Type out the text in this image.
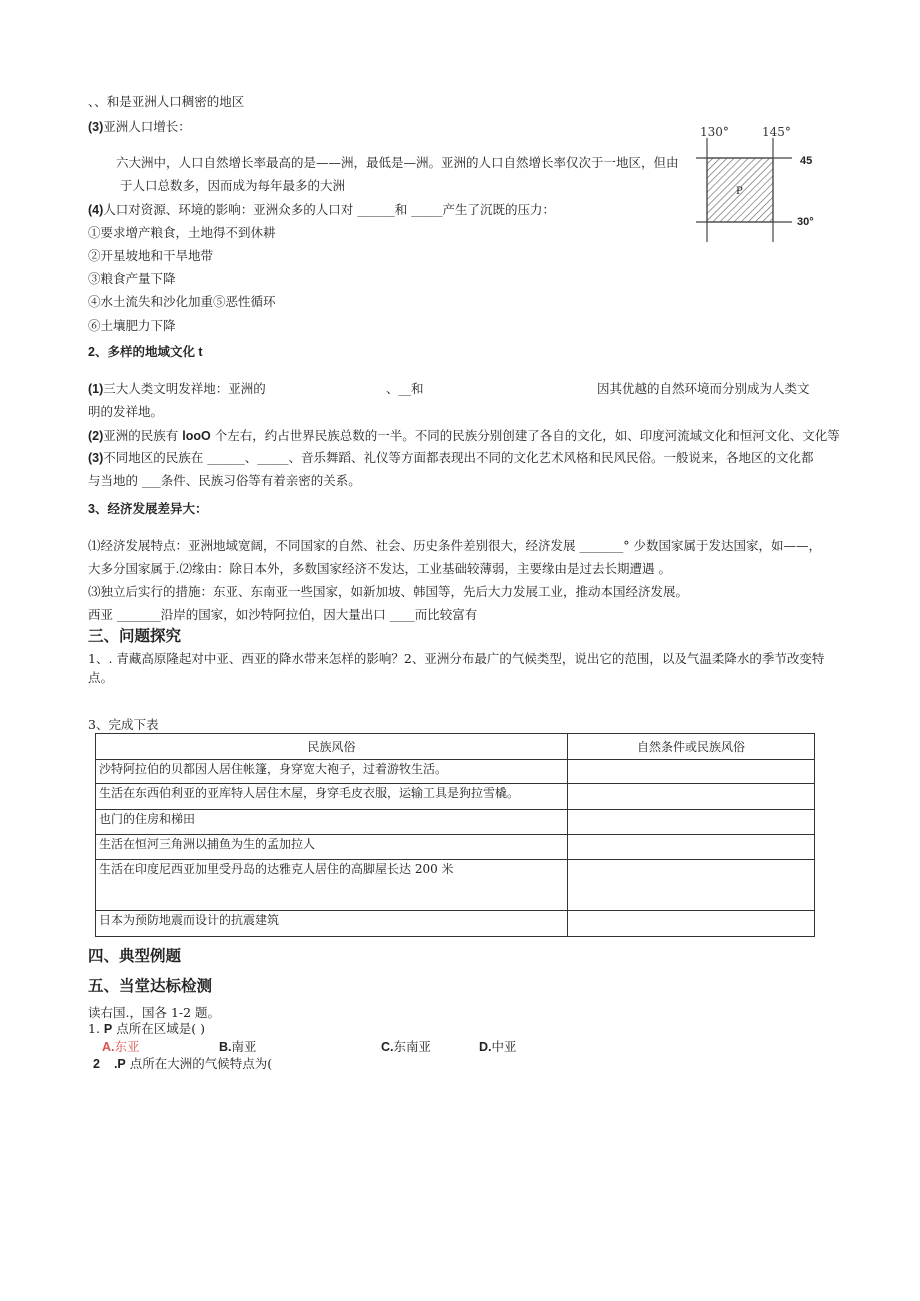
、、和是亚洲人口稠密的地区
(3)亚洲人口增长：
六大洲中，人口自然增长率最高的是——洲，最低是—洲。亚洲的人口自然增长率仅次于一地区，但由
于人口总数多，因而成为每年最多的大洲
(4)人口对资源、环境的影响：亚洲众多的人口对 ______和 _____产生了沉既的压力：
①要求增产粮食，土地得不到休耕
②开星坡地和干旱地带
③粮食产量下降
④水土流失和沙化加重⑤恶性循环
⑥土壤肥力下降
130°	145°
P
45
30°
2、多样的地域文化 t
(1)三大人类文明发祥地：亚洲的	、__和	因其优越的自然环境而分别成为人类文
明的发祥地。
(2)亚洲的民族有 looO 个左右，约占世界民族总数的一半。不同的民族分别创建了各自的文化，如、印度河流域文化和恒河文化、文化等
(3)不同地区的民族在 ______、_____、音乐舞蹈、礼仪等方面都表现出不同的文化艺术风格和民风民俗。一般说来，各地区的文化都
与当地的 ___条件、民族习俗等有着亲密的关系。
3、经济发展差异大：
⑴经济发展特点：亚洲地域宽阔，不同国家的自然、社会、历史条件差别很大，经济发展 _______° 少数国家属于发达国家，如——，
大多分国家属于.⑵缘由：除日本外，多数国家经济不发达，工业基础较薄弱，主要缘由是过去长期遭遇 。
⑶独立后实行的措施：东亚、东南亚一些国家，如新加坡、韩国等，先后大力发展工业，推动本国经济发展。
西亚 _______沿岸的国家，如沙特阿拉伯，因大量出口 ____而比较富有
三、问题探究
1、. 青藏高原隆起对中亚、西亚的降水带来怎样的影响？2、亚洲分布最广的气候类型，说出它的范围，以及气温柔降水的季节改变特
点。
3、完成下表
民族风俗	自然条件或民族风俗
沙特阿拉伯的贝都因人居住帐篷，身穿宽大袍子，过着游牧生活。	
生活在东西伯利亚的亚库特人居住木屋，身穿毛皮衣服，运输工具是狗拉雪橇。	
也门的住房和梯田	
生活在恒河三角洲以捕鱼为生的孟加拉人	
生活在印度尼西亚加里受丹岛的达雅克人居住的高脚屋长达 200 米	
日本为预防地震而设计的抗震建筑	
四、典型例题
五、当堂达标检测
读右国.，国各 1-2 题。
1. P 点所在区域是( )
A.东亚	B.南亚	C.东南亚	D.中亚
2 .P 点所在大洲的气候特点为(
